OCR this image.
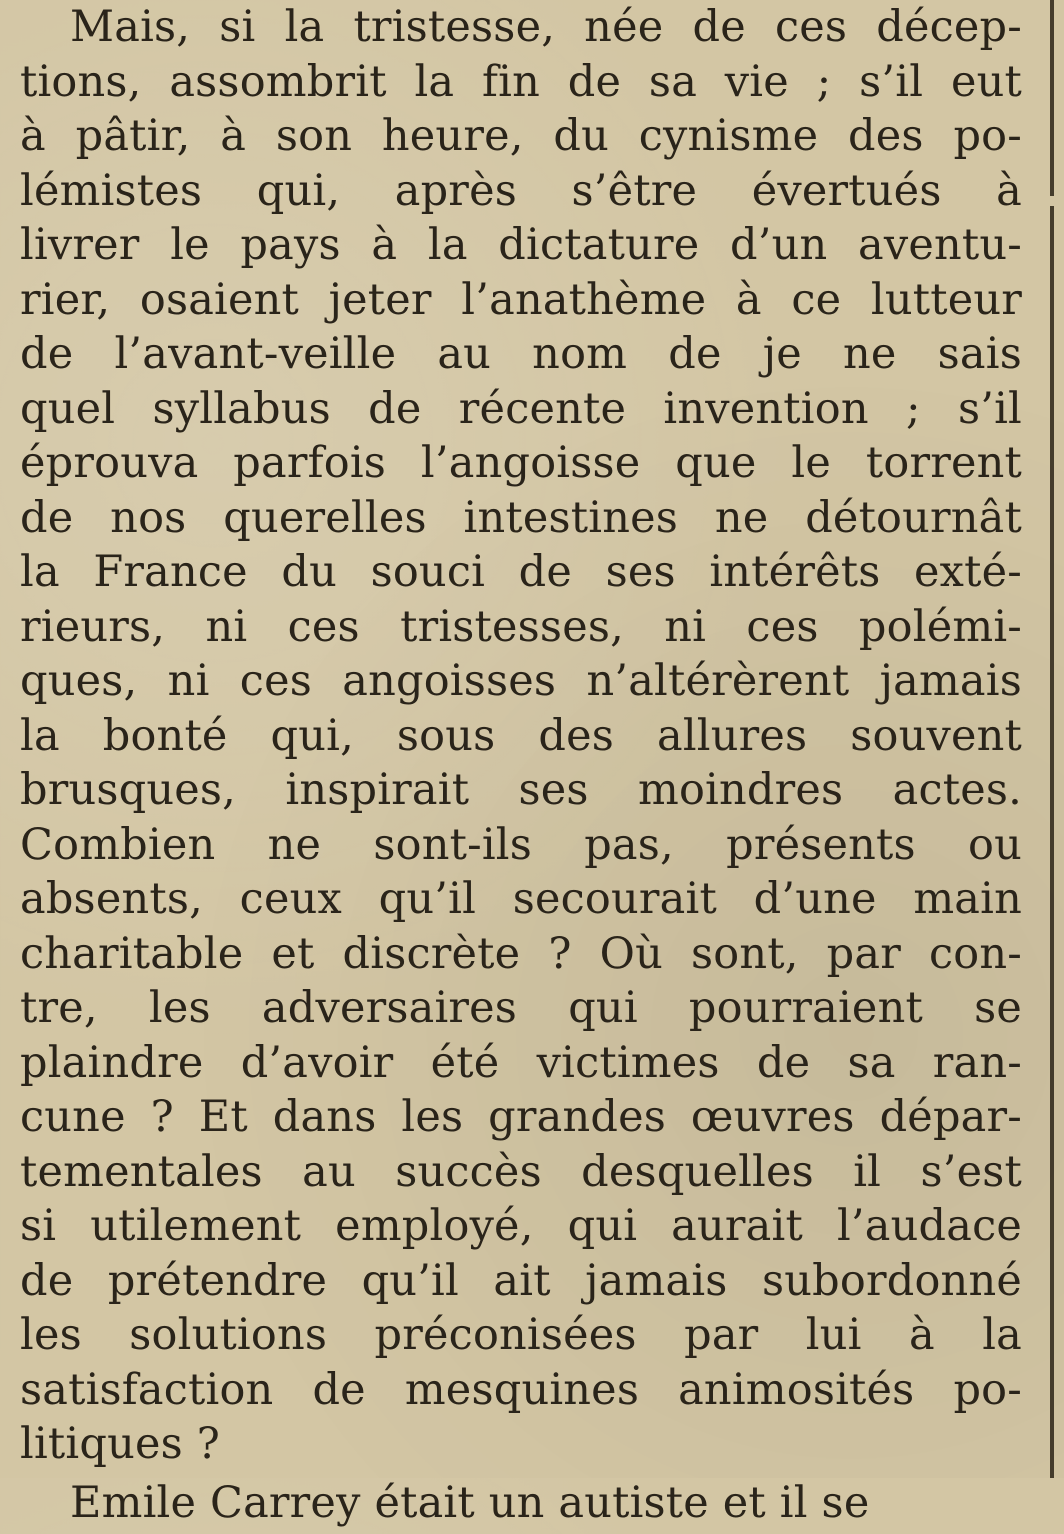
Mais, si la tristesse, née de ces décep-
tions, assombrit la fin de sa vie ; s’il eut
à pâtir, à son heure, du cynisme des po-
lémistes qui, après s’être évertués à
livrer le pays à la dictature d’un aventu-
rier, osaient jeter l’anathème à ce lutteur
de l’avant-veille au nom de je ne sais
quel syllabus de récente invention ; s’il
éprouva parfois l’angoisse que le torrent
de nos querelles intestines ne détournât
la France du souci de ses intérêts exté-
rieurs, ni ces tristesses, ni ces polémi-
ques, ni ces angoisses n’altérèrent jamais
la bonté qui, sous des allures souvent
brusques, inspirait ses moindres actes.
Combien ne sont-ils pas, présents ou
absents, ceux qu’il secourait d’une main
charitable et discrète ? Où sont, par con-
tre, les adversaires qui pourraient se
plaindre d’avoir été victimes de sa ran-
cune ? Et dans les grandes œuvres dépar-
tementales au succès desquelles il s’est
si utilement employé, qui aurait l’audace
de prétendre qu’il ait jamais subordonné
les solutions préconisées par lui à la
satisfaction de mesquines animosités po-
litiques ?
Emile Carrey était un autiste et il se
